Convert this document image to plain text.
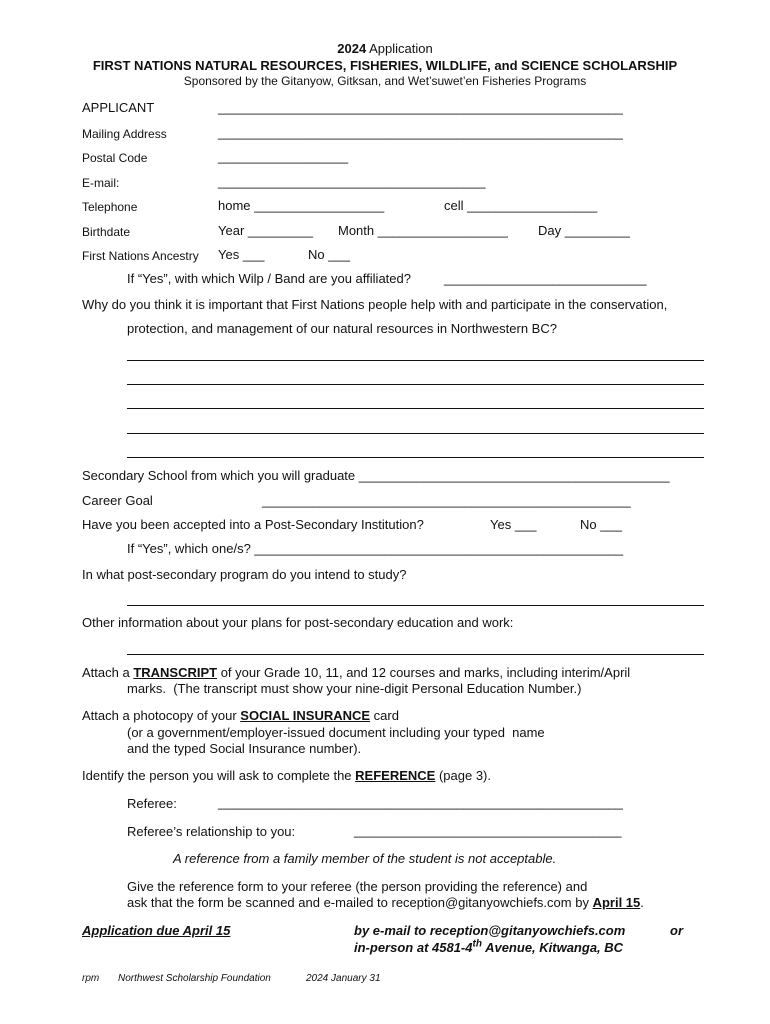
2024 Application
FIRST NATIONS NATURAL RESOURCES, FISHERIES, WILDLIFE, and SCIENCE SCHOLARSHIP
Sponsored by the Gitanyow, Gitksan, and Wet’suwet’en Fisheries Programs
APPLICANT	________________________________________________________
Mailing Address	________________________________________________________
Postal Code	__________________
E-mail:	_____________________________________
Telephone	home __________________	cell __________________
Birthdate	Year _________ Month __________________ Day _________
First Nations Ancestry Yes ___	No ___
If “Yes”, with which Wilp / Band are you affiliated?	____________________________
Why do you think it is important that First Nations people help with and participate in the conservation,
protection, and management of our natural resources in Northwestern BC?
Secondary School from which you will graduate ___________________________________________
Career Goal	___________________________________________________
Have you been accepted into a Post-Secondary Institution?	Yes ___	No ___
If “Yes”, which one/s? ___________________________________________________
In what post-secondary program do you intend to study?
Other information about your plans for post-secondary education and work:
Attach a TRANSCRIPT of your Grade 10, 11, and 12 courses and marks, including interim/April
marks.  (The transcript must show your nine-digit Personal Education Number.)
Attach a photocopy of your SOCIAL INSURANCE card
(or a government/employer-issued document including your typed  name
and the typed Social Insurance number).
Identify the person you will ask to complete the REFERENCE (page 3).
Referee:	________________________________________________________
Referee’s relationship to you:	_____________________________________
A reference from a family member of the student is not acceptable.
Give the reference form to your referee (the person providing the reference) and
ask that the form be scanned and e-mailed to reception@gitanyowchiefs.com by April 15.
Application due April 15	by e-mail to reception@gitanyowchiefs.com	or
in-person at 4581-4th Avenue, Kitwanga, BC
rpm Northwest Scholarship Foundation	2024 January 31
